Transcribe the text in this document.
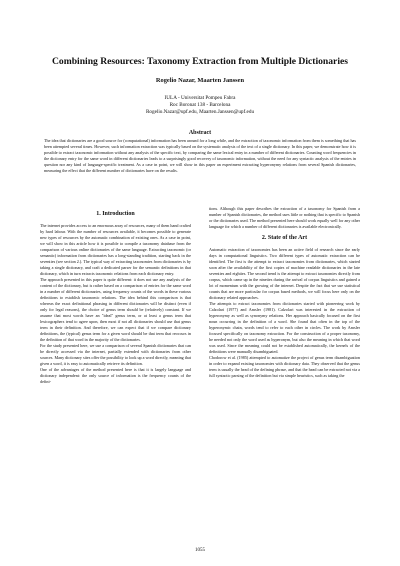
Combining Resources: Taxonomy Extraction from Multiple Dictionaries
Rogelio Nazar, Maarten Janssen
IULA - Universitat Pompeu Fabra
Roc Boronat 138 - Barcelona
Rogelio.Nazar@upf.edu, Maarten.Janssen@upf.edu
Abstract
The idea that dictionaries are a good source for (computational) information has been around for a long while, and the extraction of taxonomic information from them is something that has been attempted several times. However, such information extraction was typically based on the systematic analysis of the text of a single dictionary. In this paper, we demonstrate how it is possible to extract taxonomic information without any analysis of the specific text, by comparing the same lexical entry in a number of different dictionaries. Counting word frequencies in the dictionary entry for the same word in different dictionaries leads to a surprisingly good recovery of taxonomic information, without the need for any syntactic analysis of the entries in question nor any kind of language-specific treatment. As a case in point, we will show in this paper an experiment extracting hyperonymy relations from several Spanish dictionaries, measuring the effect that the different number of dictionaries have on the results.
1. Introduction

The internet provides access to an enormous array of resources, many of them hand crafted by hard labour. With the number of resources available, it becomes possible to generate new types of resources by the automatic combination of existing ones. As a case in point, we will show in this article how it is possible to compile a taxonomy database from the comparison of various online dictionaries of the same language. Extracting taxonomic (or semantic) information from dictionaries has a long-standing tradition, starting back in the seventies (see section 2.). The typical way of extracting taxonomies from dictionaries is by taking a single dictionary, and craft a dedicated parser for the semantic definitions in that dictionary, which in turn extracts taxonomic relations from each dictionary entry.

The approach presented in this paper is quite different: it does not use any analysis of the content of the dictionary, but is rather based on a comparison of entries for the same word in a number of different dictionaries, using frequency counts of the words in these various definitions to establish taxonomic relations. The idea behind this comparison is that whereas the exact definitional phrasing in different dictionaries will be distinct (even if only for legal reasons), the choice of genus term should be (relatively) constant. If we assume that most words have an "ideal" genus term, or at least a genus term that lexicographers tend to agree upon, then most if not all dictionaries should use that genus term in their definition. And therefore, we can expect that if we compare dictionary definitions, the (typical) genus term for a given word should be that term that reoccurs in the definition of that word in the majority of the dictionaries.

For the study presented here, we use a comparison of several Spanish dictionaries that can be directly accessed via the internet, partially extended with dictionaries from other sources. Many dictionary sites offer the possibility to look up a word directly, meaning that given a word, it is easy to automatically retrieve its definition.

One of the advantages of the method presented here is that it is largely language and dictionary independent: the only source of information is the frequency counts of the defini-

tions. Although this paper describes the extraction of a taxonomy for Spanish from a number of Spanish dictionaries, the method uses little or nothing that is specific to Spanish or the dictionaries used. The method presented here should work equally well for any other language for which a number of different dictionaries is available electronically.

2. State of the Art

Automatic extraction of taxonomies has been an active field of research since the early days in computational linguistics. Two different types of automatic extraction can be identified. The first is the attempt to extract taxonomies from dictionaries, which started soon after the availability of the first copies of machine readable dictionaries in the late seventies and eighties. The second trend is the attempt to extract taxonomies directly from corpus, which came up in the nineties during the arrival of corpus linguistics and gained a lot of momentum with the growing of the internet. Despite the fact that we use statistical counts that are more particular for corpus based methods, we will focus here only on the dictionary related approaches.

The attempts to extract taxonomies from dictionaries started with pioneering work by Calzolari (1977) and Amsler (1981). Calzolari was interested in the extraction of hyperonymy as well as synonymy relations. Her approach basically focused on the first noun occurring in the definition of a word. She found that often in the top of the hyperonymic chain, words tend to refer to each other in circles. The work by Amsler focused specifically on taxonomy extraction. For the construction of a proper taxonomy, he needed not only the word used as hyperonym, but also the meaning in which that word was used. Since the meaning could not be established automatically, the kernels of the definitions were manually disambiguated.

Chodorow et al. (1985) attempted to automatize the project of genus term disambiguation in order to expand existing taxonomies with dictionary data. They observed that the genus term is usually the head of the defining phrase, and that the head can be extracted not via a full syntactic parsing of the definition but via simple heuristics, such as taking the

1055
